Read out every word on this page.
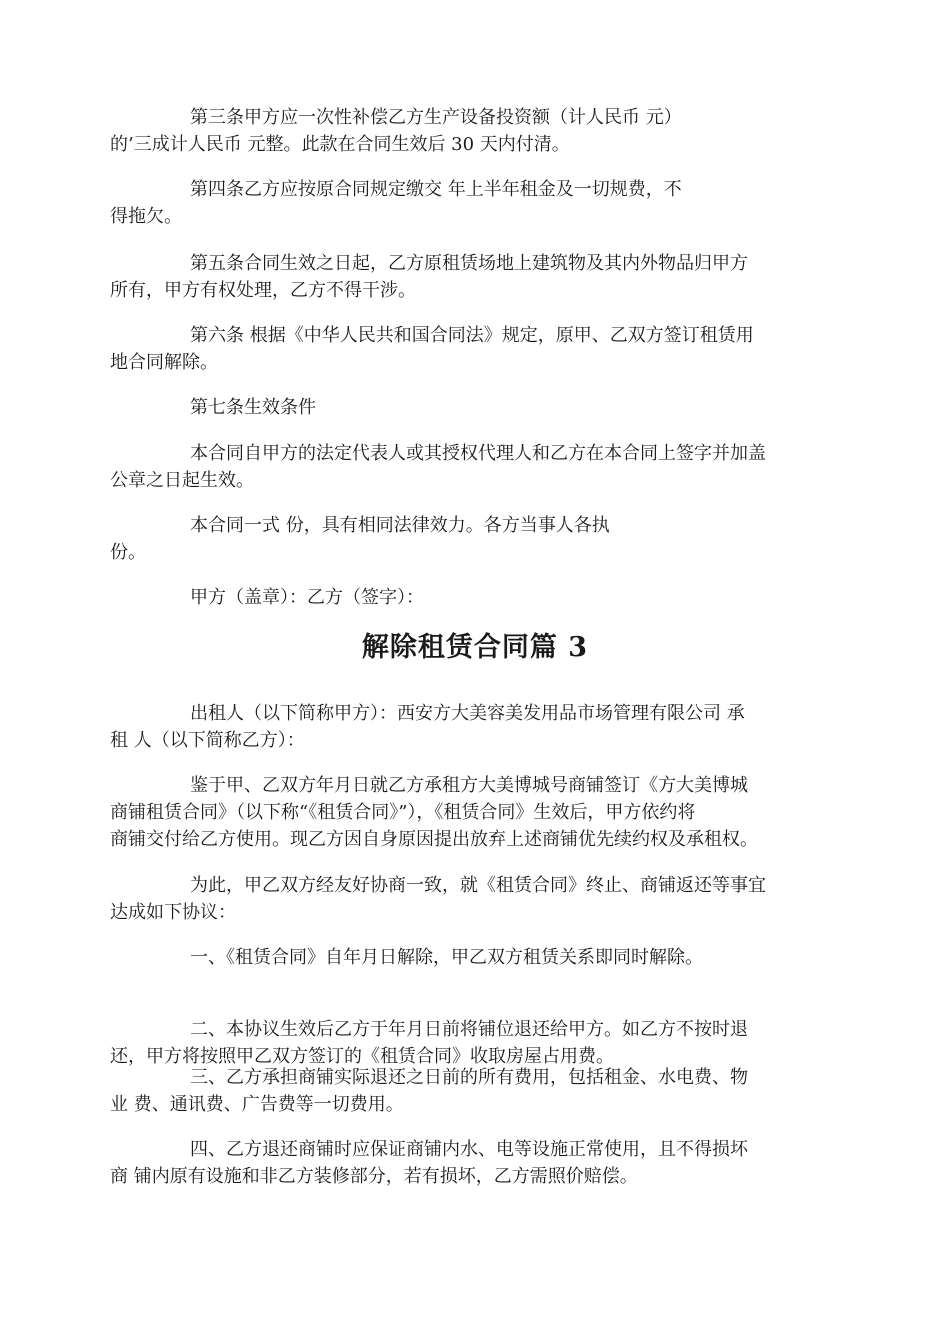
第三条甲方应一次性补偿乙方生产设备投资额（计人民币 元）
的’三成计人民币 元整。此款在合同生效后 30 天内付清。

第四条乙方应按原合同规定缴交 年上半年租金及一切规费，不
得拖欠。

第五条合同生效之日起，乙方原租赁场地上建筑物及其内外物品归甲方
所有，甲方有权处理，乙方不得干涉。

第六条 根据《中华人民共和国合同法》规定，原甲、乙双方签订租赁用
地合同解除。

第七条生效条件

本合同自甲方的法定代表人或其授权代理人和乙方在本合同上签字并加盖
公章之日起生效。

本合同一式 份，具有相同法律效力。各方当事人各执
份。

甲方（盖章）：乙方（签字）：

解除租赁合同篇 3

出租人（以下简称甲方）：西安方大美容美发用品市场管理有限公司 承
租 人（以下简称乙方）：

鉴于甲、乙双方年月日就乙方承租方大美博城号商铺签订《方大美博城
商铺租赁合同》（以下称“《租赁合同》”），《租赁合同》生效后，甲方依约将
商铺交付给乙方使用。现乙方因自身原因提出放弃上述商铺优先续约权及承租权。

为此，甲乙双方经友好协商一致，就《租赁合同》终止、商铺返还等事宜
达成如下协议：

一、《租赁合同》自年月日解除，甲乙双方租赁关系即同时解除。

二、本协议生效后乙方于年月日前将铺位退还给甲方。如乙方不按时退
还，甲方将按照甲乙双方签订的《租赁合同》收取房屋占用费。

三、乙方承担商铺实际退还之日前的所有费用，包括租金、水电费、物
业 费、通讯费、广告费等一切费用。

四、乙方退还商铺时应保证商铺内水、电等设施正常使用，且不得损坏
商 铺内原有设施和非乙方装修部分，若有损坏，乙方需照价赔偿。
